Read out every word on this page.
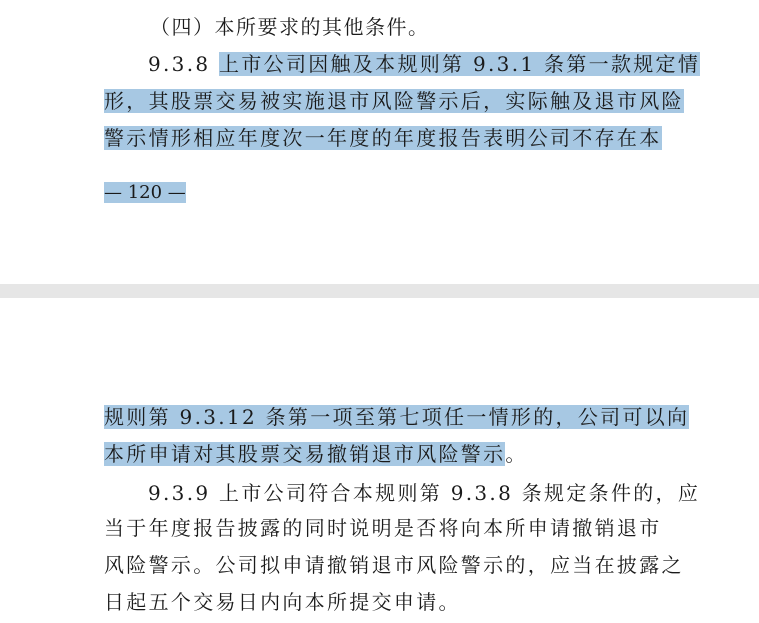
（四）本所要求的其他条件。
9.3.8 上市公司因触及本规则第 9.3.1 条第一款规定情
形，其股票交易被实施退市风险警示后，实际触及退市风险
警示情形相应年度次一年度的年度报告表明公司不存在本
— 120 —
规则第 9.3.12 条第一项至第七项任一情形的，公司可以向
本所申请对其股票交易撤销退市风险警示。
9.3.9 上市公司符合本规则第 9.3.8 条规定条件的，应
当于年度报告披露的同时说明是否将向本所申请撤销退市
风险警示。公司拟申请撤销退市风险警示的，应当在披露之
日起五个交易日内向本所提交申请。
